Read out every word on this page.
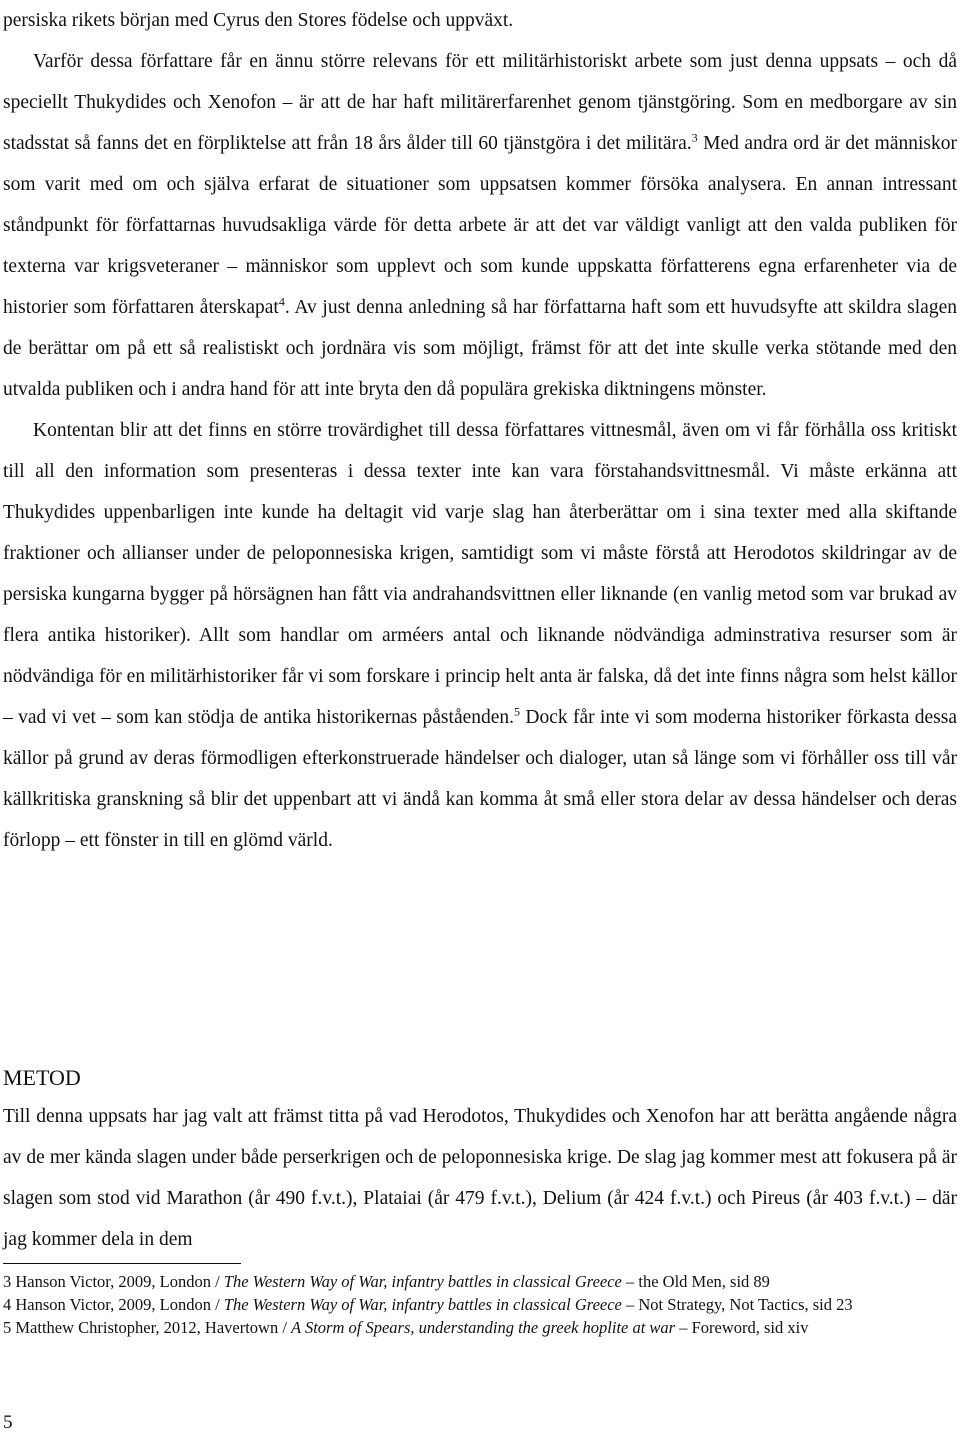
persiska rikets början med Cyrus den Stores födelse och uppväxt.

Varför dessa författare får en ännu större relevans för ett militärhistoriskt arbete som just denna uppsats – och då speciellt Thukydides och Xenofon – är att de har haft militärerfarenhet genom tjänstgöring. Som en medborgare av sin stadsstat så fanns det en förpliktelse att från 18 års ålder till 60 tjänstgöra i det militära.$^3$ Med andra ord är det människor som varit med om och själva erfarat de situationer som uppsatsen kommer försöka analysera. En annan intressant ståndpunkt för författarnas huvudsakliga värde för detta arbete är att det var väldigt vanligt att den valda publiken för texterna var krigsveteraner – människor som upplevt och som kunde uppskatta författerens egna erfarenheter via de historier som författaren återskapat$^4$. Av just denna anledning så har författarna haft som ett huvudsyfte att skildra slagen de berättar om på ett så realistiskt och jordnära vis som möjligt, främst för att det inte skulle verka stötande med den utvalda publiken och i andra hand för att inte bryta den då populära grekiska diktningens mönster.

Kontentan blir att det finns en större trovärdighet till dessa författares vittnesmål, även om vi får förhålla oss kritiskt till all den information som presenteras i dessa texter inte kan vara förstahandsvittnesmål. Vi måste erkänna att Thukydides uppenbarligen inte kunde ha deltagit vid varje slag han återberättar om i sina texter med alla skiftande fraktioner och allianser under de peloponnesiska krigen, samtidigt som vi måste förstå att Herodotos skildringar av de persiska kungarna bygger på hörsägnen han fått via andrahandsvittnen eller liknande (en vanlig metod som var brukad av flera antika historiker). Allt som handlar om arméers antal och liknande nödvändiga adminstrativa resurser som är nödvändiga för en militärhistoriker får vi som forskare i princip helt anta är falska, då det inte finns några som helst källor – vad vi vet – som kan stödja de antika historikernas påståenden.$^5$ Dock får inte vi som moderna historiker förkasta dessa källor på grund av deras förmodligen efterkonstruerade händelser och dialoger, utan så länge som vi förhåller oss till vår källkritiska granskning så blir det uppenbart att vi ändå kan komma åt små eller stora delar av dessa händelser och deras förlopp – ett fönster in till en glömd värld.

METOD

Till denna uppsats har jag valt att främst titta på vad Herodotos, Thukydides och Xenofon har att berätta angående några av de mer kända slagen under både perserkrigen och de peloponnesiska krige. De slag jag kommer mest att fokusera på är slagen som stod vid Marathon (år 490 f.v.t.), Plataiai (år 479 f.v.t.), Delium (år 424 f.v.t.) och Pireus (år 403 f.v.t.) – där jag kommer dela in dem

3 Hanson Victor, 2009, London / The Western Way of War, infantry battles in classical Greece – the Old Men, sid 89

4 Hanson Victor, 2009, London / The Western Way of War, infantry battles in classical Greece – Not Strategy, Not Tactics, sid 23

5 Matthew Christopher, 2012, Havertown / A Storm of Spears, understanding the greek hoplite at war – Foreword, sid xiv

5
